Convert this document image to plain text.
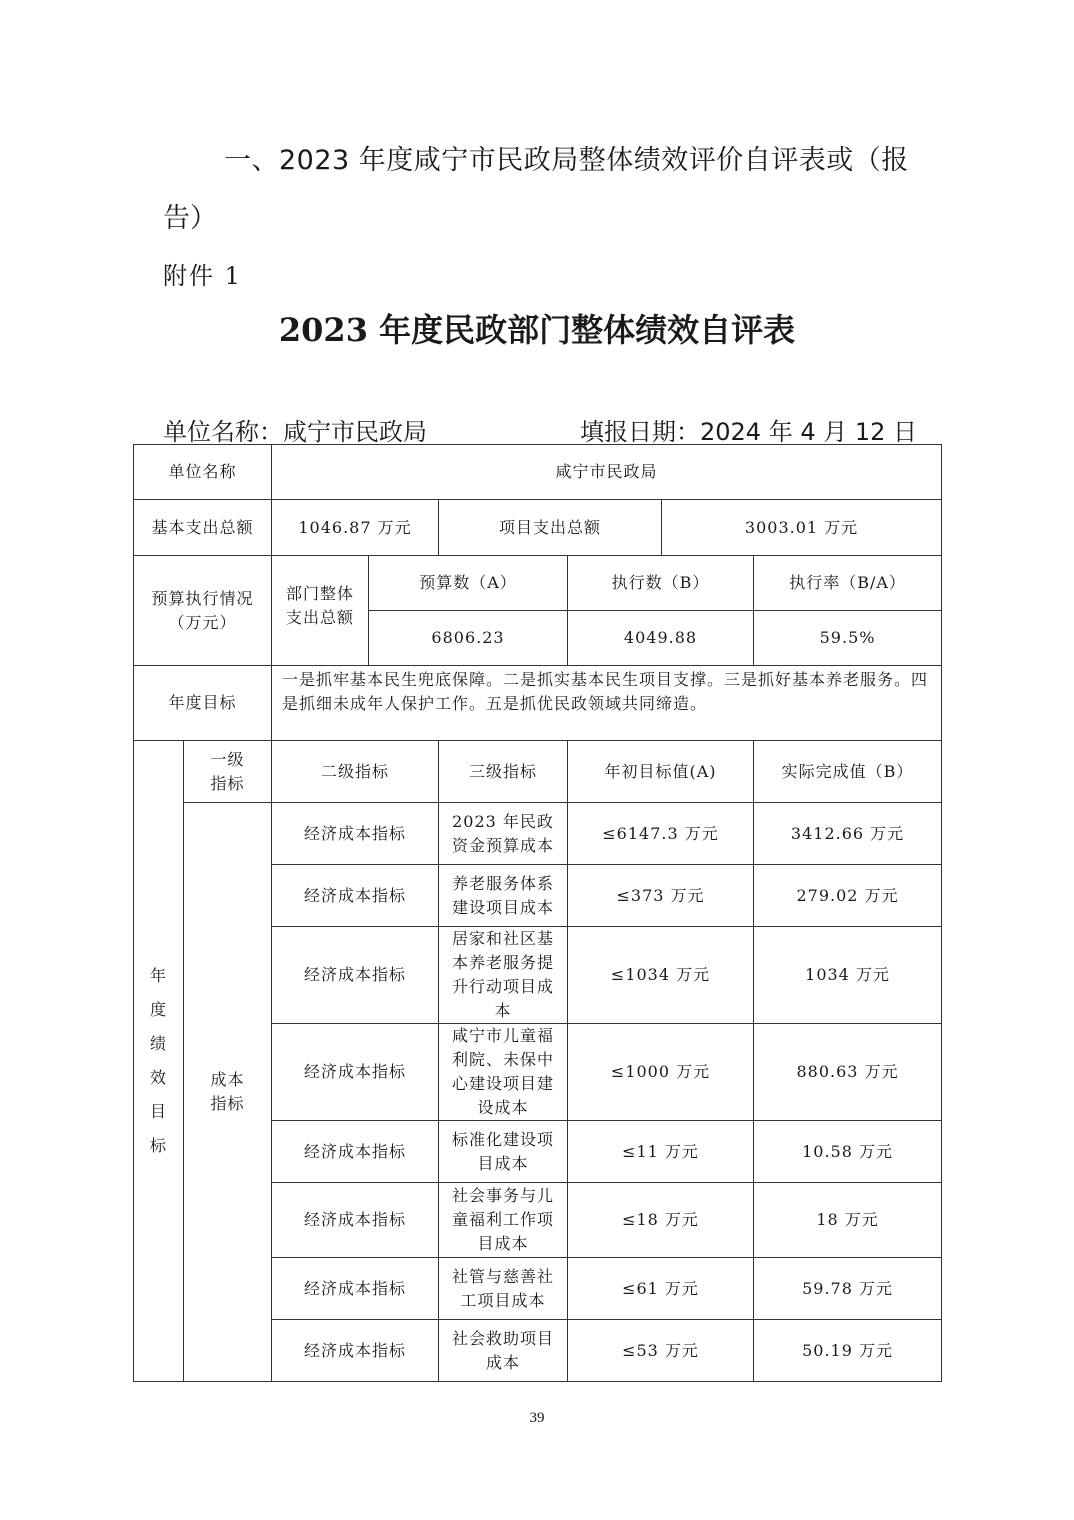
一、2023 年度咸宁市民政局整体绩效评价自评表或（报
告）
附件 1
2023 年度民政部门整体绩效自评表
单位名称：咸宁市民政局	填报日期：2024 年 4 月 12 日
单位名称		咸宁市民政局					
基本支出总额		1046.87 万元		项目支出总额		3003.01 万元	
预算执行情况（万元）		部门整体支出总额	预算数（A）		执行数（B）		执行率（B/A）
			6806.23		4049.88		59.5%
年度目标		一是抓牢基本民生兜底保障。二是抓实基本民生项目支撑。三是抓好基本养老服务。四是抓细未成年人保护工作。五是抓优民政领域共同缔造。					
年度绩效目标	一级指标	二级指标		三级指标	年初目标值(A)		实际完成值（B）
	成本指标	经济成本指标		2023 年民政资金预算成本	≤6147.3 万元		3412.66 万元
		经济成本指标		养老服务体系建设项目成本	≤373 万元		279.02 万元
		经济成本指标		居家和社区基本养老服务提升行动项目成本	≤1034 万元		1034 万元
		经济成本指标		咸宁市儿童福利院、未保中心建设项目建设成本	≤1000 万元		880.63 万元
		经济成本指标		标准化建设项目成本	≤11 万元		10.58 万元
		经济成本指标		社会事务与儿童福利工作项目成本	≤18 万元		18 万元
		经济成本指标		社管与慈善社工项目成本	≤61 万元		59.78 万元
		经济成本指标		社会救助项目成本	≤53 万元		50.19 万元
39
